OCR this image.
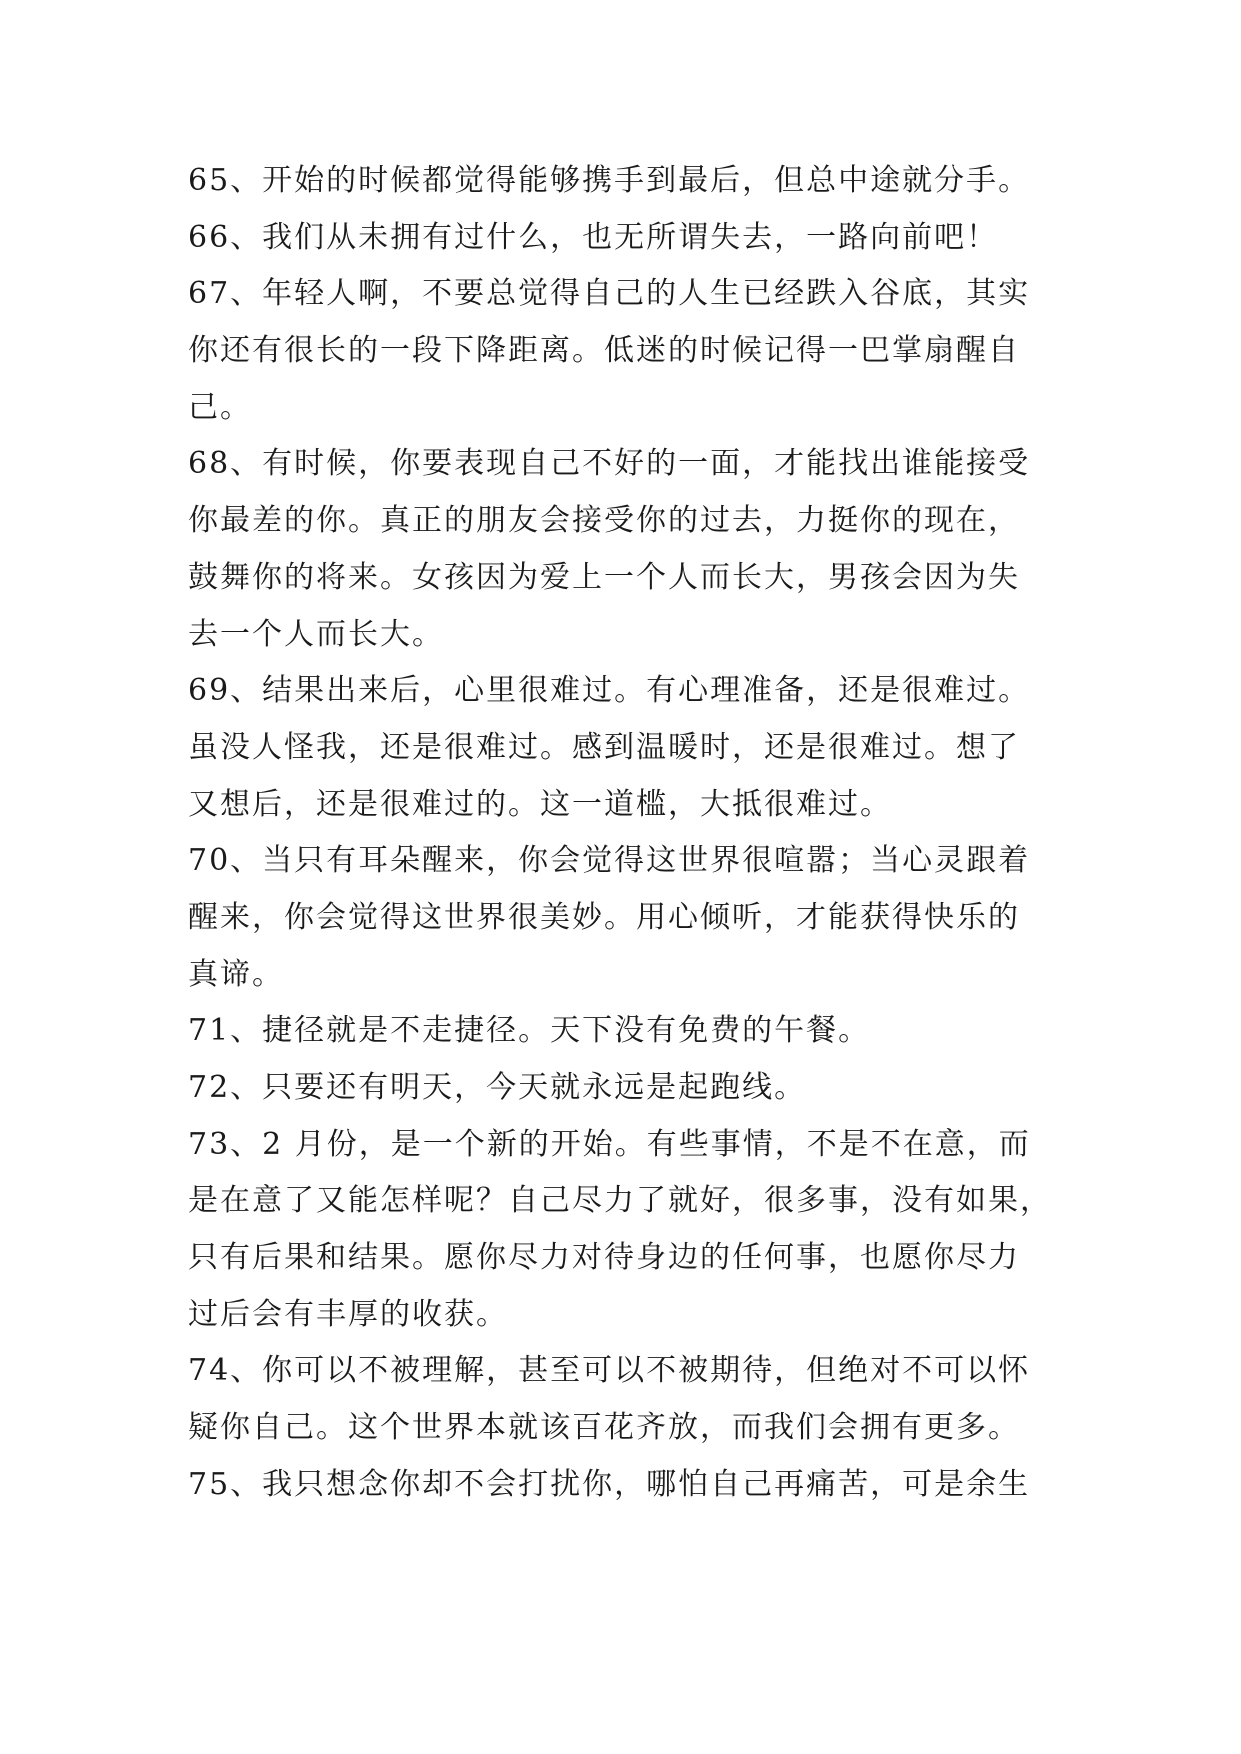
65、开始的时候都觉得能够携手到最后，但总中途就分手。
66、我们从未拥有过什么，也无所谓失去，一路向前吧！
67、年轻人啊，不要总觉得自己的人生已经跌入谷底，其实
你还有很长的一段下降距离。低迷的时候记得一巴掌扇醒自
己。
68、有时候，你要表现自己不好的一面，才能找出谁能接受
你最差的你。真正的朋友会接受你的过去，力挺你的现在，
鼓舞你的将来。女孩因为爱上一个人而长大，男孩会因为失
去一个人而长大。
69、结果出来后，心里很难过。有心理准备，还是很难过。
虽没人怪我，还是很难过。感到温暖时，还是很难过。想了
又想后，还是很难过的。这一道槛，大抵很难过。
70、当只有耳朵醒来，你会觉得这世界很喧嚣；当心灵跟着
醒来，你会觉得这世界很美妙。用心倾听，才能获得快乐的
真谛。
71、捷径就是不走捷径。天下没有免费的午餐。
72、只要还有明天，今天就永远是起跑线。
73、2 月份，是一个新的开始。有些事情，不是不在意，而
是在意了又能怎样呢？自己尽力了就好，很多事，没有如果，
只有后果和结果。愿你尽力对待身边的任何事，也愿你尽力
过后会有丰厚的收获。
74、你可以不被理解，甚至可以不被期待，但绝对不可以怀
疑你自己。这个世界本就该百花齐放，而我们会拥有更多。
75、我只想念你却不会打扰你，哪怕自己再痛苦，可是余生
